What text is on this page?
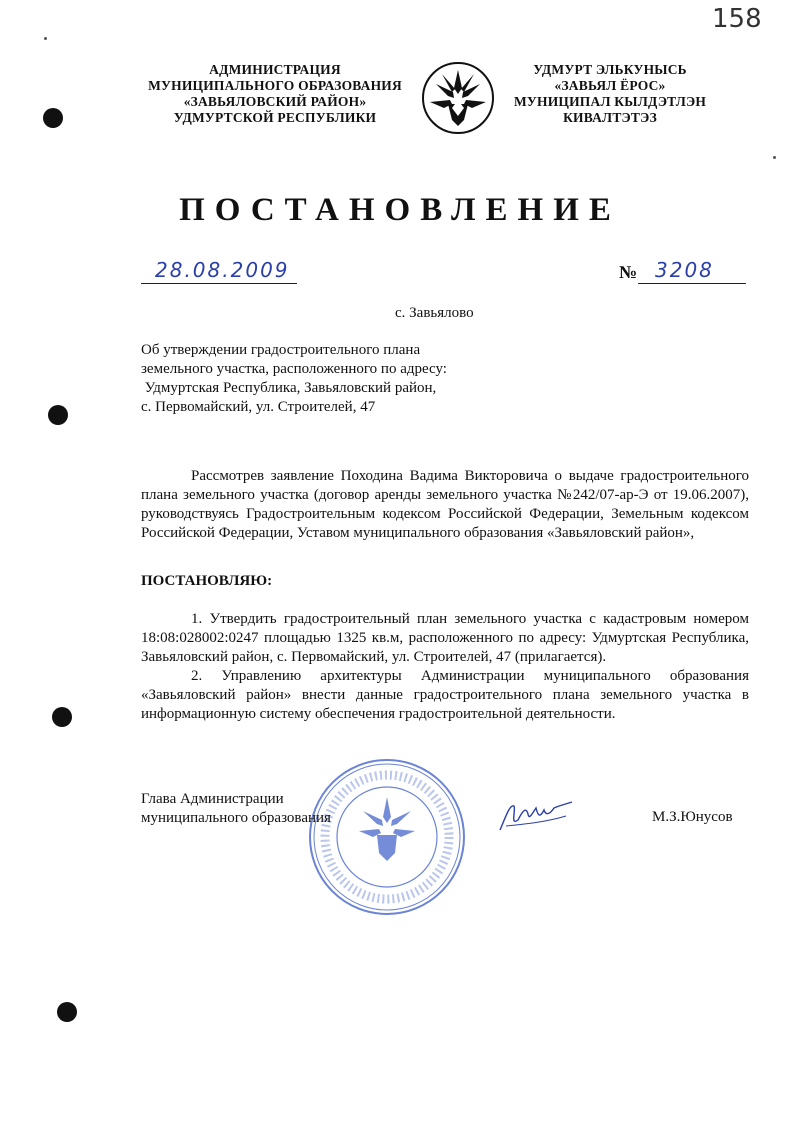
158
АДМИНИСТРАЦИЯ
МУНИЦИПАЛЬНОГО ОБРАЗОВАНИЯ
«ЗАВЬЯЛОВСКИЙ РАЙОН»
УДМУРТСКОЙ РЕСПУБЛИКИ
УДМУРТ ЭЛЬКУНЫСЬ
«ЗАВЬЯЛ ЁРОС»
МУНИЦИПАЛ КЫЛДЭТЛЭН
КИВАЛТЭТЭЗ
ПОСТАНОВЛЕНИЕ
28.08.2009	№ 3208
с. Завьялово
Об утверждении градостроительного плана
земельного участка, расположенного по адресу:
Удмуртская Республика, Завьяловский район,
с. Первомайский, ул. Строителей, 47
Рассмотрев заявление Походина Вадима Викторовича о выдаче градостроительного плана земельного участка (договор аренды земельного участка №242/07-ар-Э от 19.06.2007), руководствуясь Градостроительным кодексом Российской Федерации, Земельным кодексом Российской Федерации, Уставом муниципального образования «Завьяловский район»,
ПОСТАНОВЛЯЮ:
1. Утвердить градостроительный план земельного участка с кадастровым номером 18:08:028002:0247 площадью 1325 кв.м, расположенного по адресу: Удмуртская Республика, Завьяловский район, с. Первомайский, ул. Строителей, 47 (прилагается).
2. Управлению архитектуры Администрации муниципального образования «Завьяловский район» внести данные градостроительного плана земельного участка в информационную систему обеспечения градостроительной деятельности.
Глава Администрации
муниципального образования	М.З.Юнусов
